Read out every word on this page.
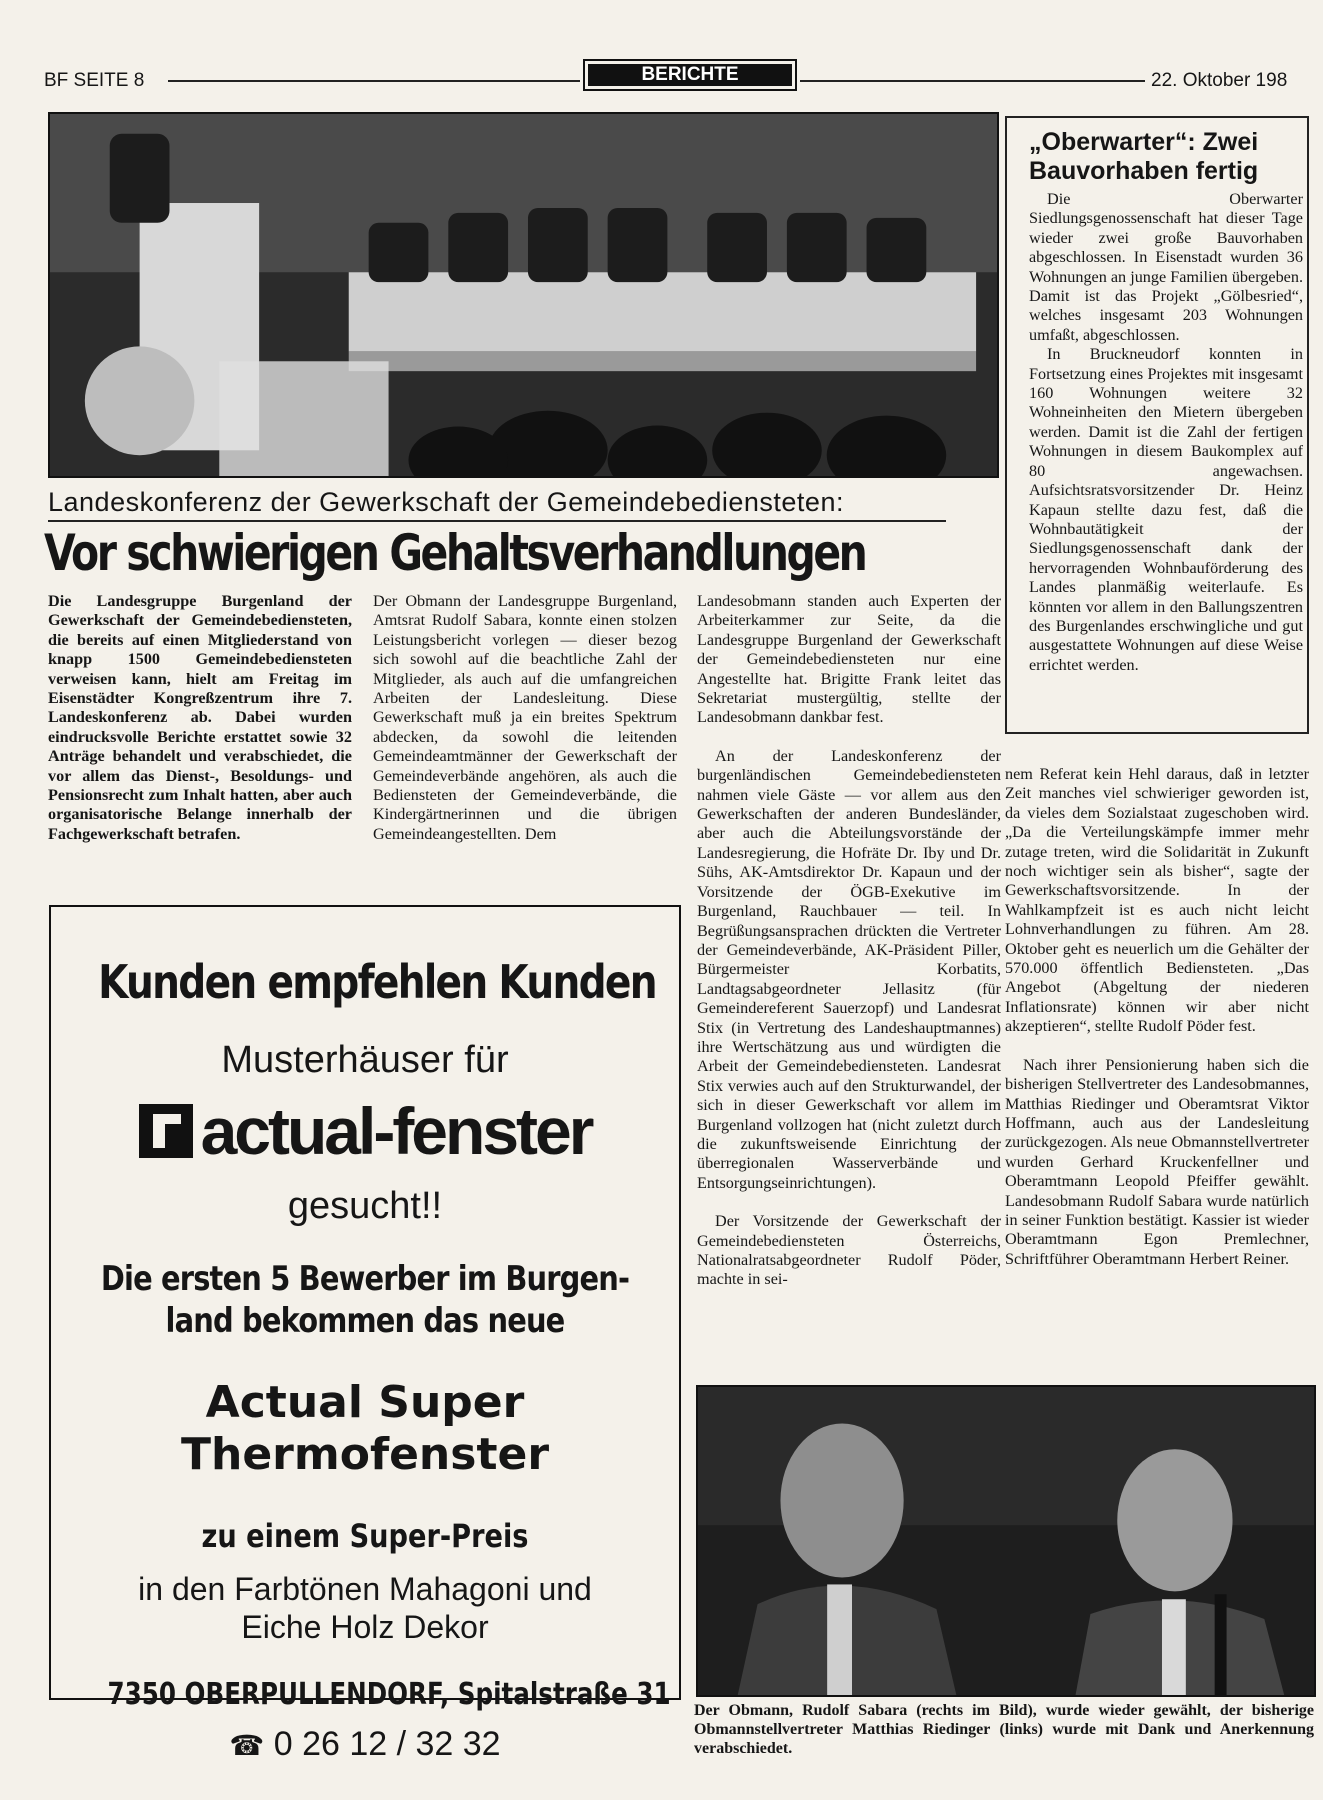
BF SEITE 8	BERICHTE	22. Oktober 198
Landeskonferenz der Gewerkschaft der Gemeindebediensteten:
Vor schwierigen Gehaltsverhandlungen

Die Landesgruppe Burgenland der Gewerkschaft der Gemeindebediensteten, die bereits auf einen Mitgliederstand von knapp 1500 Gemeindebediensteten verweisen kann, hielt am Freitag im Eisenstädter Kongreßzentrum ihre 7. Landeskonferenz ab. Dabei wurden eindrucksvolle Berichte erstattet sowie 32 Anträge behandelt und verabschiedet, die vor allem das Dienst-, Besoldungs- und Pensionsrecht zum Inhalt hatten, aber auch organisatorische Belange innerhalb der Fachgewerkschaft betrafen.

Der Obmann der Landesgruppe Burgenland, Amtsrat Rudolf Sabara, konnte einen stolzen Leistungsbericht vorlegen — dieser bezog sich sowohl auf die beachtliche Zahl der Mitglieder, als auch auf die umfangreichen Arbeiten der Landesleitung. Diese Gewerkschaft muß ja ein breites Spektrum abdecken, da sowohl die leitenden Gemeindeamtmänner der Gewerkschaft der Gemeindeverbände angehören, als auch die Bediensteten der Gemeindeverbände, die Kindergärtnerinnen und die übrigen Gemeindeangestellten. Dem

Landesobmann standen auch Experten der Arbeiterkammer zur Seite, da die Landesgruppe Burgenland der Gewerkschaft der Gemeindebediensteten nur eine Angestellte hat. Brigitte Frank leitet das Sekretariat mustergültig, stellte der Landesobmann dankbar fest.

An der Landeskonferenz der burgenländischen Gemeindebediensteten nahmen viele Gäste — vor allem aus den Gewerkschaften der anderen Bundesländer, aber auch die Abteilungsvorstände der Landesregierung, die Hofräte Dr. Iby und Dr. Sühs, AK-Amtsdirektor Dr. Kapaun und der Vorsitzende der ÖGB-Exekutive im Burgenland, Rauchbauer — teil. In Begrüßungsansprachen drückten die Vertreter der Gemeindeverbände, AK-Präsident Piller, Bürgermeister Korbatits, Landtagsabgeordneter Jellasitz (für Gemeindereferent Sauerzopf) und Landesrat Stix (in Vertretung des Landeshauptmannes) ihre Wertschätzung aus und würdigten die Arbeit der Gemeindebediensteten. Landesrat Stix verwies auch auf den Strukturwandel, der sich in dieser Gewerkschaft vor allem im Burgenland vollzogen hat (nicht zuletzt durch die zukunftsweisende Einrichtung der überregionalen Wasserverbände und Entsorgungseinrichtungen).

Der Vorsitzende der Gewerkschaft der Gemeindebediensteten Österreichs, Nationalratsabgeordneter Rudolf Pöder, machte in sei-

nem Referat kein Hehl daraus, daß in letzter Zeit manches viel schwieriger geworden ist, da vieles dem Sozialstaat zugeschoben wird. „Da die Verteilungskämpfe immer mehr zutage treten, wird die Solidarität in Zukunft noch wichtiger sein als bisher“, sagte der Gewerkschaftsvorsitzende. In der Wahlkampfzeit ist es auch nicht leicht Lohnverhandlungen zu führen. Am 28. Oktober geht es neuerlich um die Gehälter der 570.000 öffentlich Bediensteten. „Das Angebot (Abgeltung der niederen Inflationsrate) können wir aber nicht akzeptieren“, stellte Rudolf Pöder fest.

Nach ihrer Pensionierung haben sich die bisherigen Stellvertreter des Landesobmannes, Matthias Riedinger und Oberamtsrat Viktor Hoffmann, auch aus der Landesleitung zurückgezogen. Als neue Obmannstellvertreter wurden Gerhard Kruckenfellner und Oberamtmann Leopold Pfeiffer gewählt. Landesobmann Rudolf Sabara wurde natürlich in seiner Funktion bestätigt. Kassier ist wieder Oberamtmann Egon Premlechner, Schriftführer Oberamtmann Herbert Reiner.

„Oberwarter“: Zwei Bauvorhaben fertig

Die Oberwarter Siedlungsgenossenschaft hat dieser Tage wieder zwei große Bauvorhaben abgeschlossen. In Eisenstadt wurden 36 Wohnungen an junge Familien übergeben. Damit ist das Projekt „Gölbesried“, welches insgesamt 203 Wohnungen umfaßt, abgeschlossen.

In Bruckneudorf konnten in Fortsetzung eines Projektes mit insgesamt 160 Wohnungen weitere 32 Wohneinheiten den Mietern übergeben werden. Damit ist die Zahl der fertigen Wohnungen in diesem Baukomplex auf 80 angewachsen. Aufsichtsratsvorsitzender Dr. Heinz Kapaun stellte dazu fest, daß die Wohnbautätigkeit der Siedlungsgenossenschaft dank der hervorragenden Wohnbauförderung des Landes planmäßig weiterlaufe. Es könnten vor allem in den Ballungszentren des Burgenlandes erschwingliche und gut ausgestattete Wohnungen auf diese Weise errichtet werden.

Kunden empfehlen Kunden
Musterhäuser für
actual-fenster
gesucht!!
Die ersten 5 Bewerber im Burgen-
land bekommen das neue
Actual Super
Thermofenster
zu einem Super-Preis
in den Farbtönen Mahagoni und
Eiche Holz Dekor
7350 OBERPULLENDORF, Spitalstraße 31
☎ 0 26 12 / 32 32
Der Obmann, Rudolf Sabara (rechts im Bild), wurde wieder gewählt, der bisherige Obmannstellvertreter Matthias Riedinger (links) wurde mit Dank und Anerkennung verabschiedet.
